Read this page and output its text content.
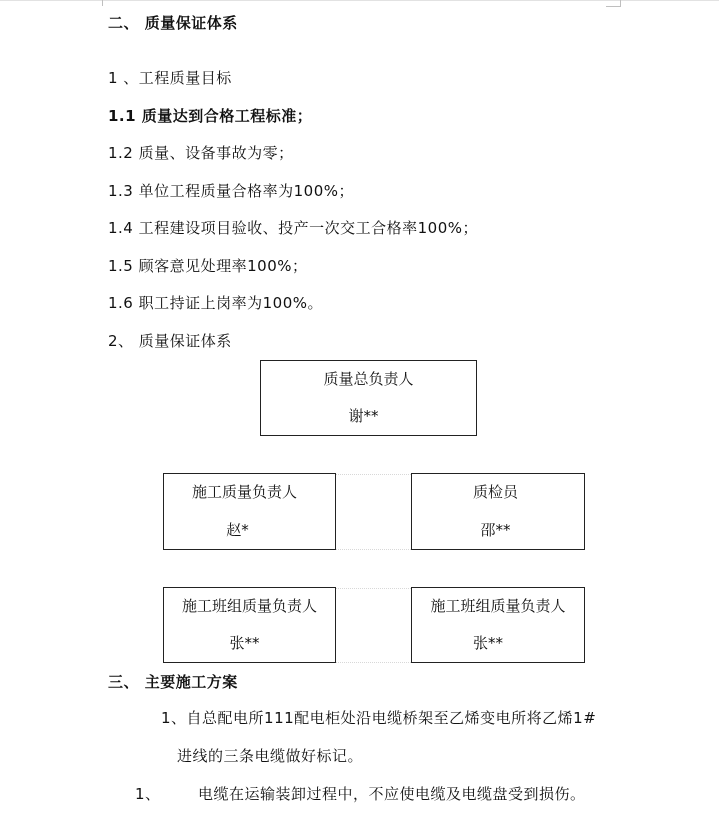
二、 质量保证体系
1 、工程质量目标
1.1 质量达到合格工程标准；
1.2 质量、设备事故为零；
1.3 单位工程质量合格率为100%；
1.4 工程建设项目验收、投产一次交工合格率100%；
1.5 顾客意见处理率100%；
1.6 职工持证上岗率为100%。
2、 质量保证体系
质量总负责人
谢**
施工质量负责人
赵*
质检员
邵**
施工班组质量负责人
张**
施工班组质量负责人
张**
三、 主要施工方案
1、自总配电所111配电柜处沿电缆桥架至乙烯变电所将乙烯1#
进线的三条电缆做好标记。
1、 电缆在运输装卸过程中，不应使电缆及电缆盘受到损伤。
